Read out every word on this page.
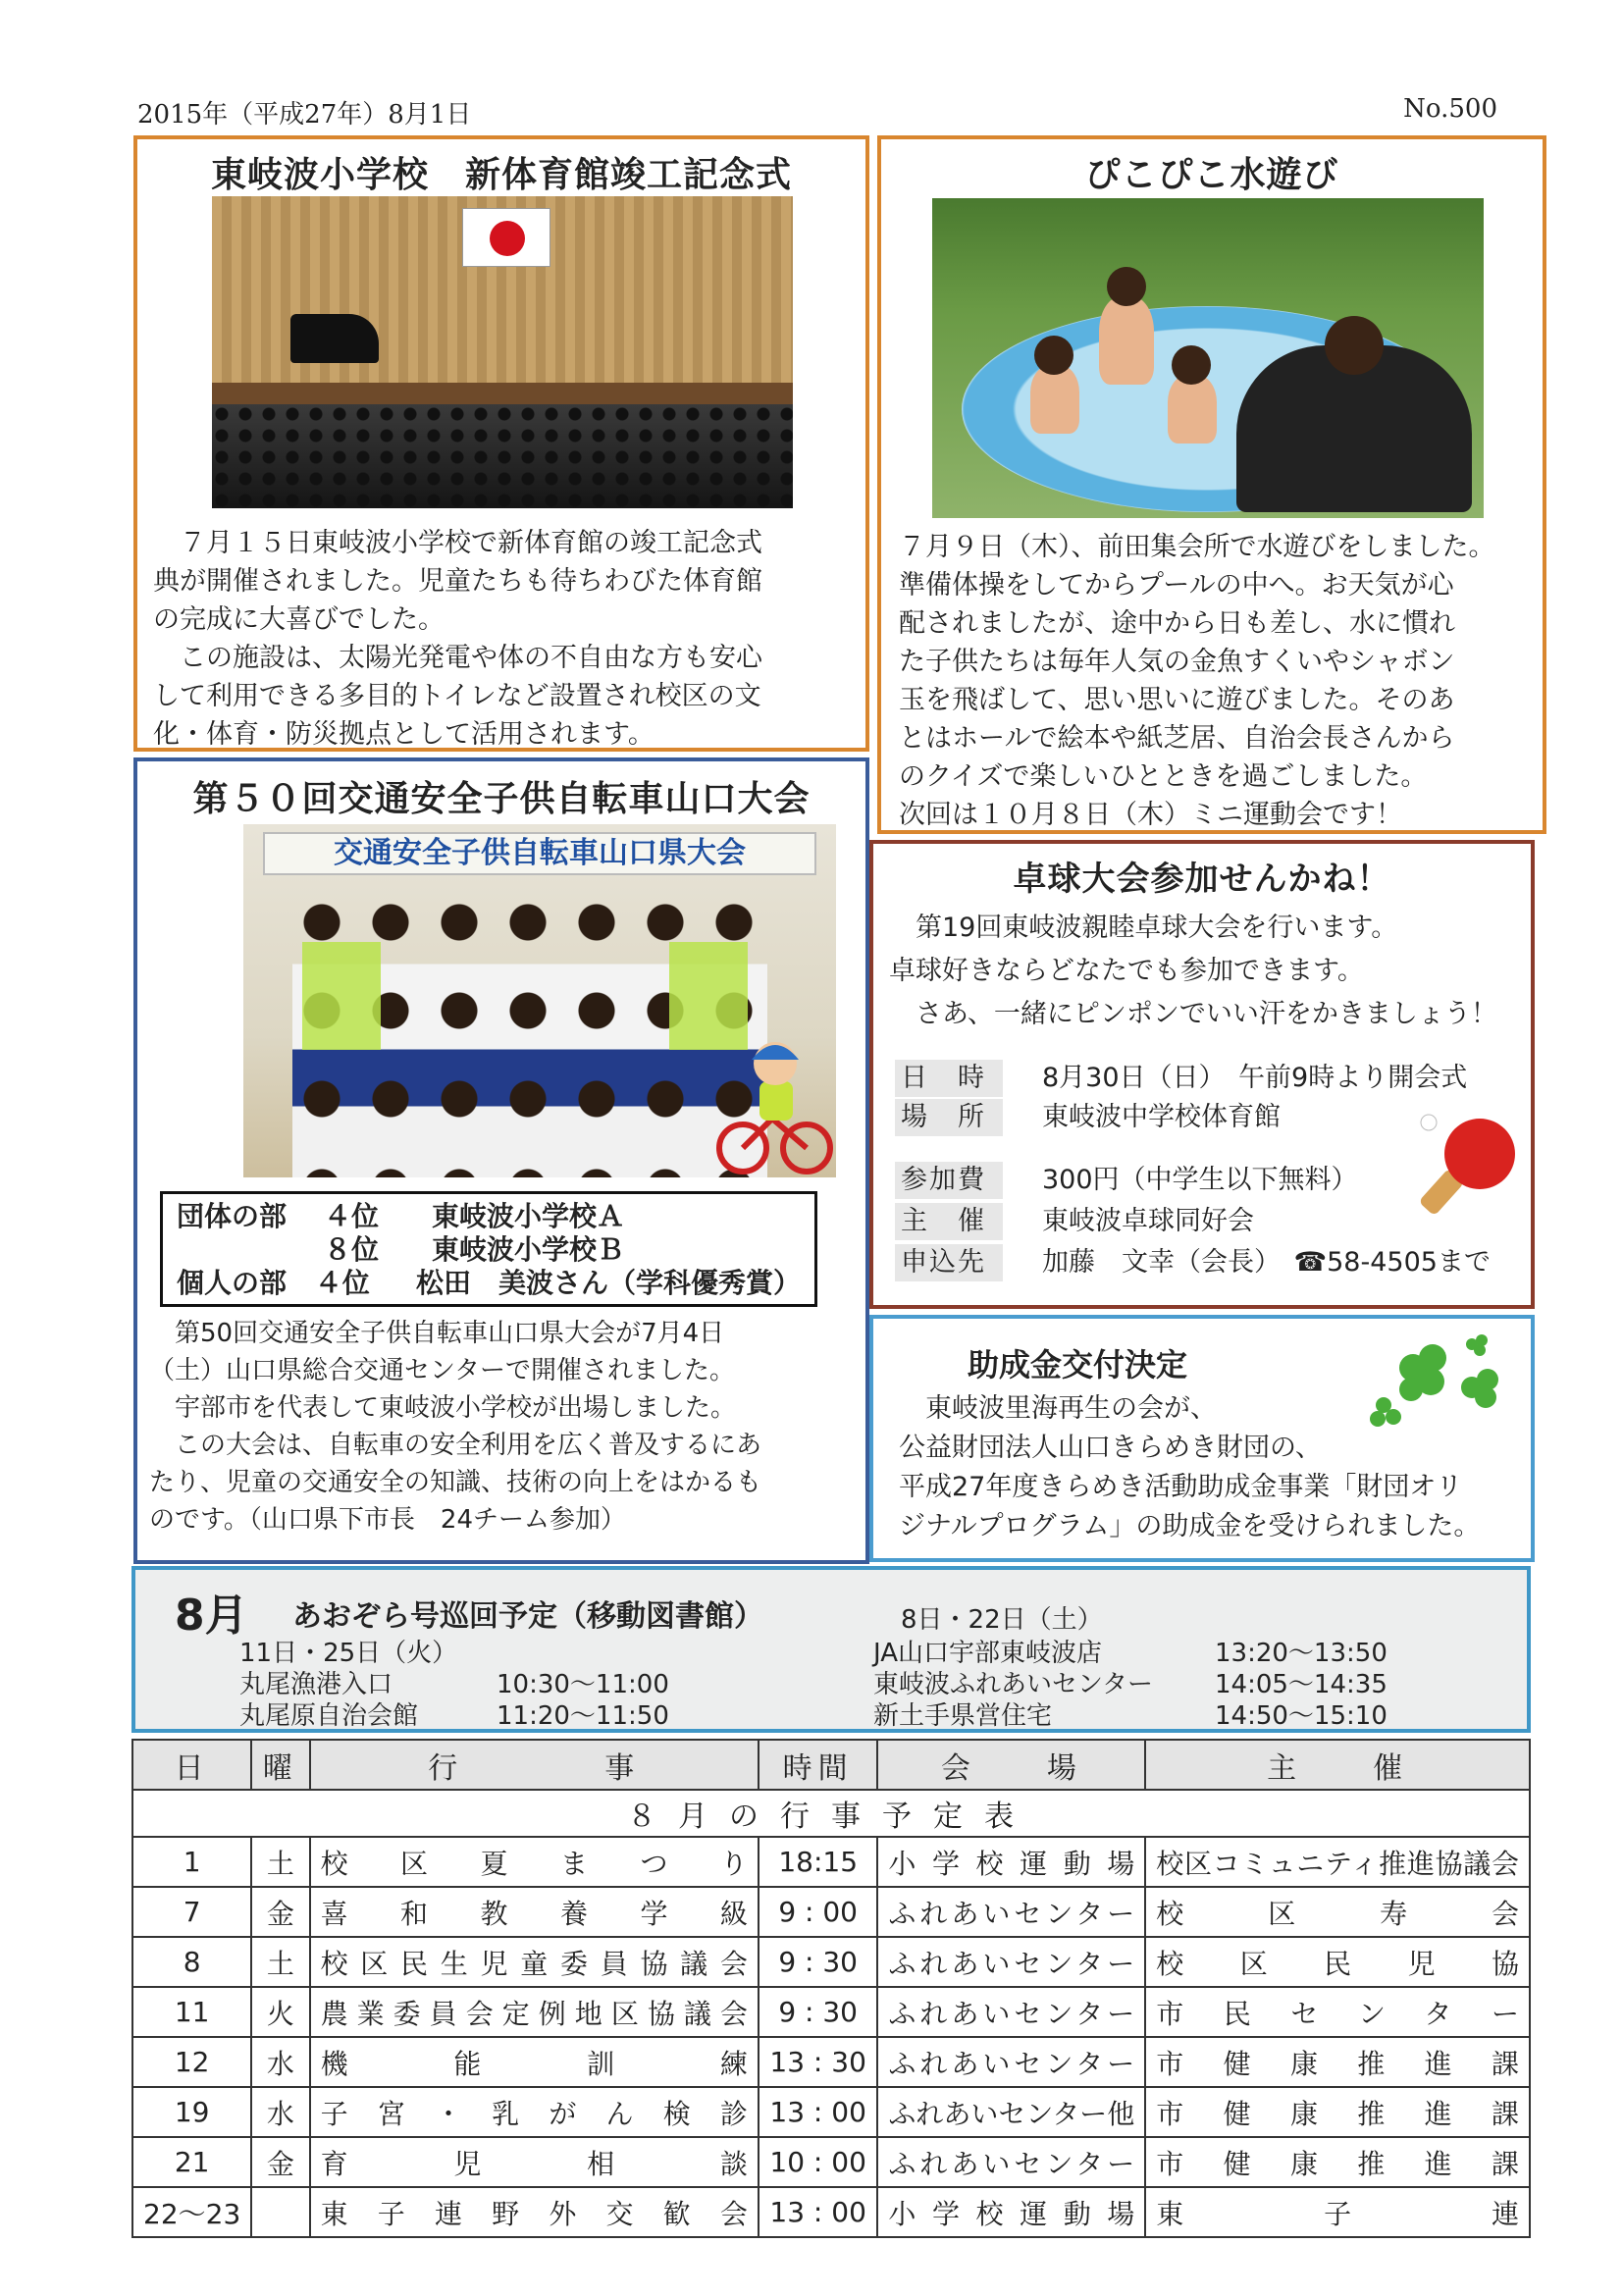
2015年（平成27年）8月1日	No.500
東岐波小学校　新体育館竣工記念式

　７月１５日東岐波小学校で新体育館の竣工記念式

典が開催されました。児童たちも待ちわびた体育館

の完成に大喜びでした。

　この施設は、太陽光発電や体の不自由な方も安心

して利用できる多目的トイレなど設置され校区の文

化・体育・防災拠点として活用されます。

ぴこぴこ水遊び

７月９日（木）、前田集会所で水遊びをしました。

準備体操をしてからプールの中へ。お天気が心

配されましたが、途中から日も差し、水に慣れ

た子供たちは毎年人気の金魚すくいやシャボン

玉を飛ばして、思い思いに遊びました。そのあ

とはホールで絵本や紙芝居、自治会長さんから

のクイズで楽しいひとときを過ごしました。

次回は１０月８日（木）ミニ運動会です！

第５０回交通安全子供自転車山口大会
交通安全子供自転車山口県大会
団体の部	４位	東岐波小学校Ａ
８位	東岐波小学校Ｂ
個人の部	４位	松田　美波さん（学科優秀賞）

　第50回交通安全子供自転車山口県大会が7月4日

（土）山口県総合交通センターで開催されました。

　宇部市を代表して東岐波小学校が出場しました。

　この大会は、自転車の安全利用を広く普及するにあ

たり、児童の交通安全の知識、技術の向上をはかるも

のです。（山口県下市長　24チーム参加）

卓球大会参加せんかね！

　第19回東岐波親睦卓球大会を行います。

卓球好きならどなたでも参加できます。

　さあ、一緒にピンポンでいい汗をかきましょう！

日　時	8月30日（日）　午前9時より開会式
場　所	東岐波中学校体育館
参加費	300円（中学生以下無料）
主　催	東岐波卓球同好会
申込先	加藤　文幸（会長）　☎58-4505まで
助成金交付決定

　東岐波里海再生の会が、

公益財団法人山口きらめき財団の、

平成27年度きらめき活動助成金事業「財団オリ

ジナルプログラム」の助成金を受けられました。

8月 あおぞら号巡回予定（移動図書館）
11日・25日（火）
丸尾漁港入口	10:30～11:00
丸尾原自治会館	11:20～11:50
8日・22日（土）
JA山口宇部東岐波店	13:20～13:50
東岐波ふれあいセンター 14:05～14:35
新土手県営住宅	14:50～15:10
８月の行事予定表					
日	曜	行　　　　事	時間	会　　場	主　　催
1	土	校区夏まつり	18:15	小学校運動場	校区コミュニティ推進協議会
7	金	喜和教養学級	9 : 00	ふれあいセンター	校区寿会
8	土	校区民生児童委員協議会	9 : 30	ふれあいセンター	校区民児協
11	火	農業委員会定例地区協議会	9 : 30	ふれあいセンター	市民センター
12	水	機能訓練	13 : 30	ふれあいセンター	市健康推進課
19	水	子宮・乳がん検診	13 : 00	ふれあいセンター他	市健康推進課
21	金	育児相談	10 : 00	ふれあいセンター	市健康推進課
22～23		東子連野外交歓会	13 : 00	小学校運動場	東子連
